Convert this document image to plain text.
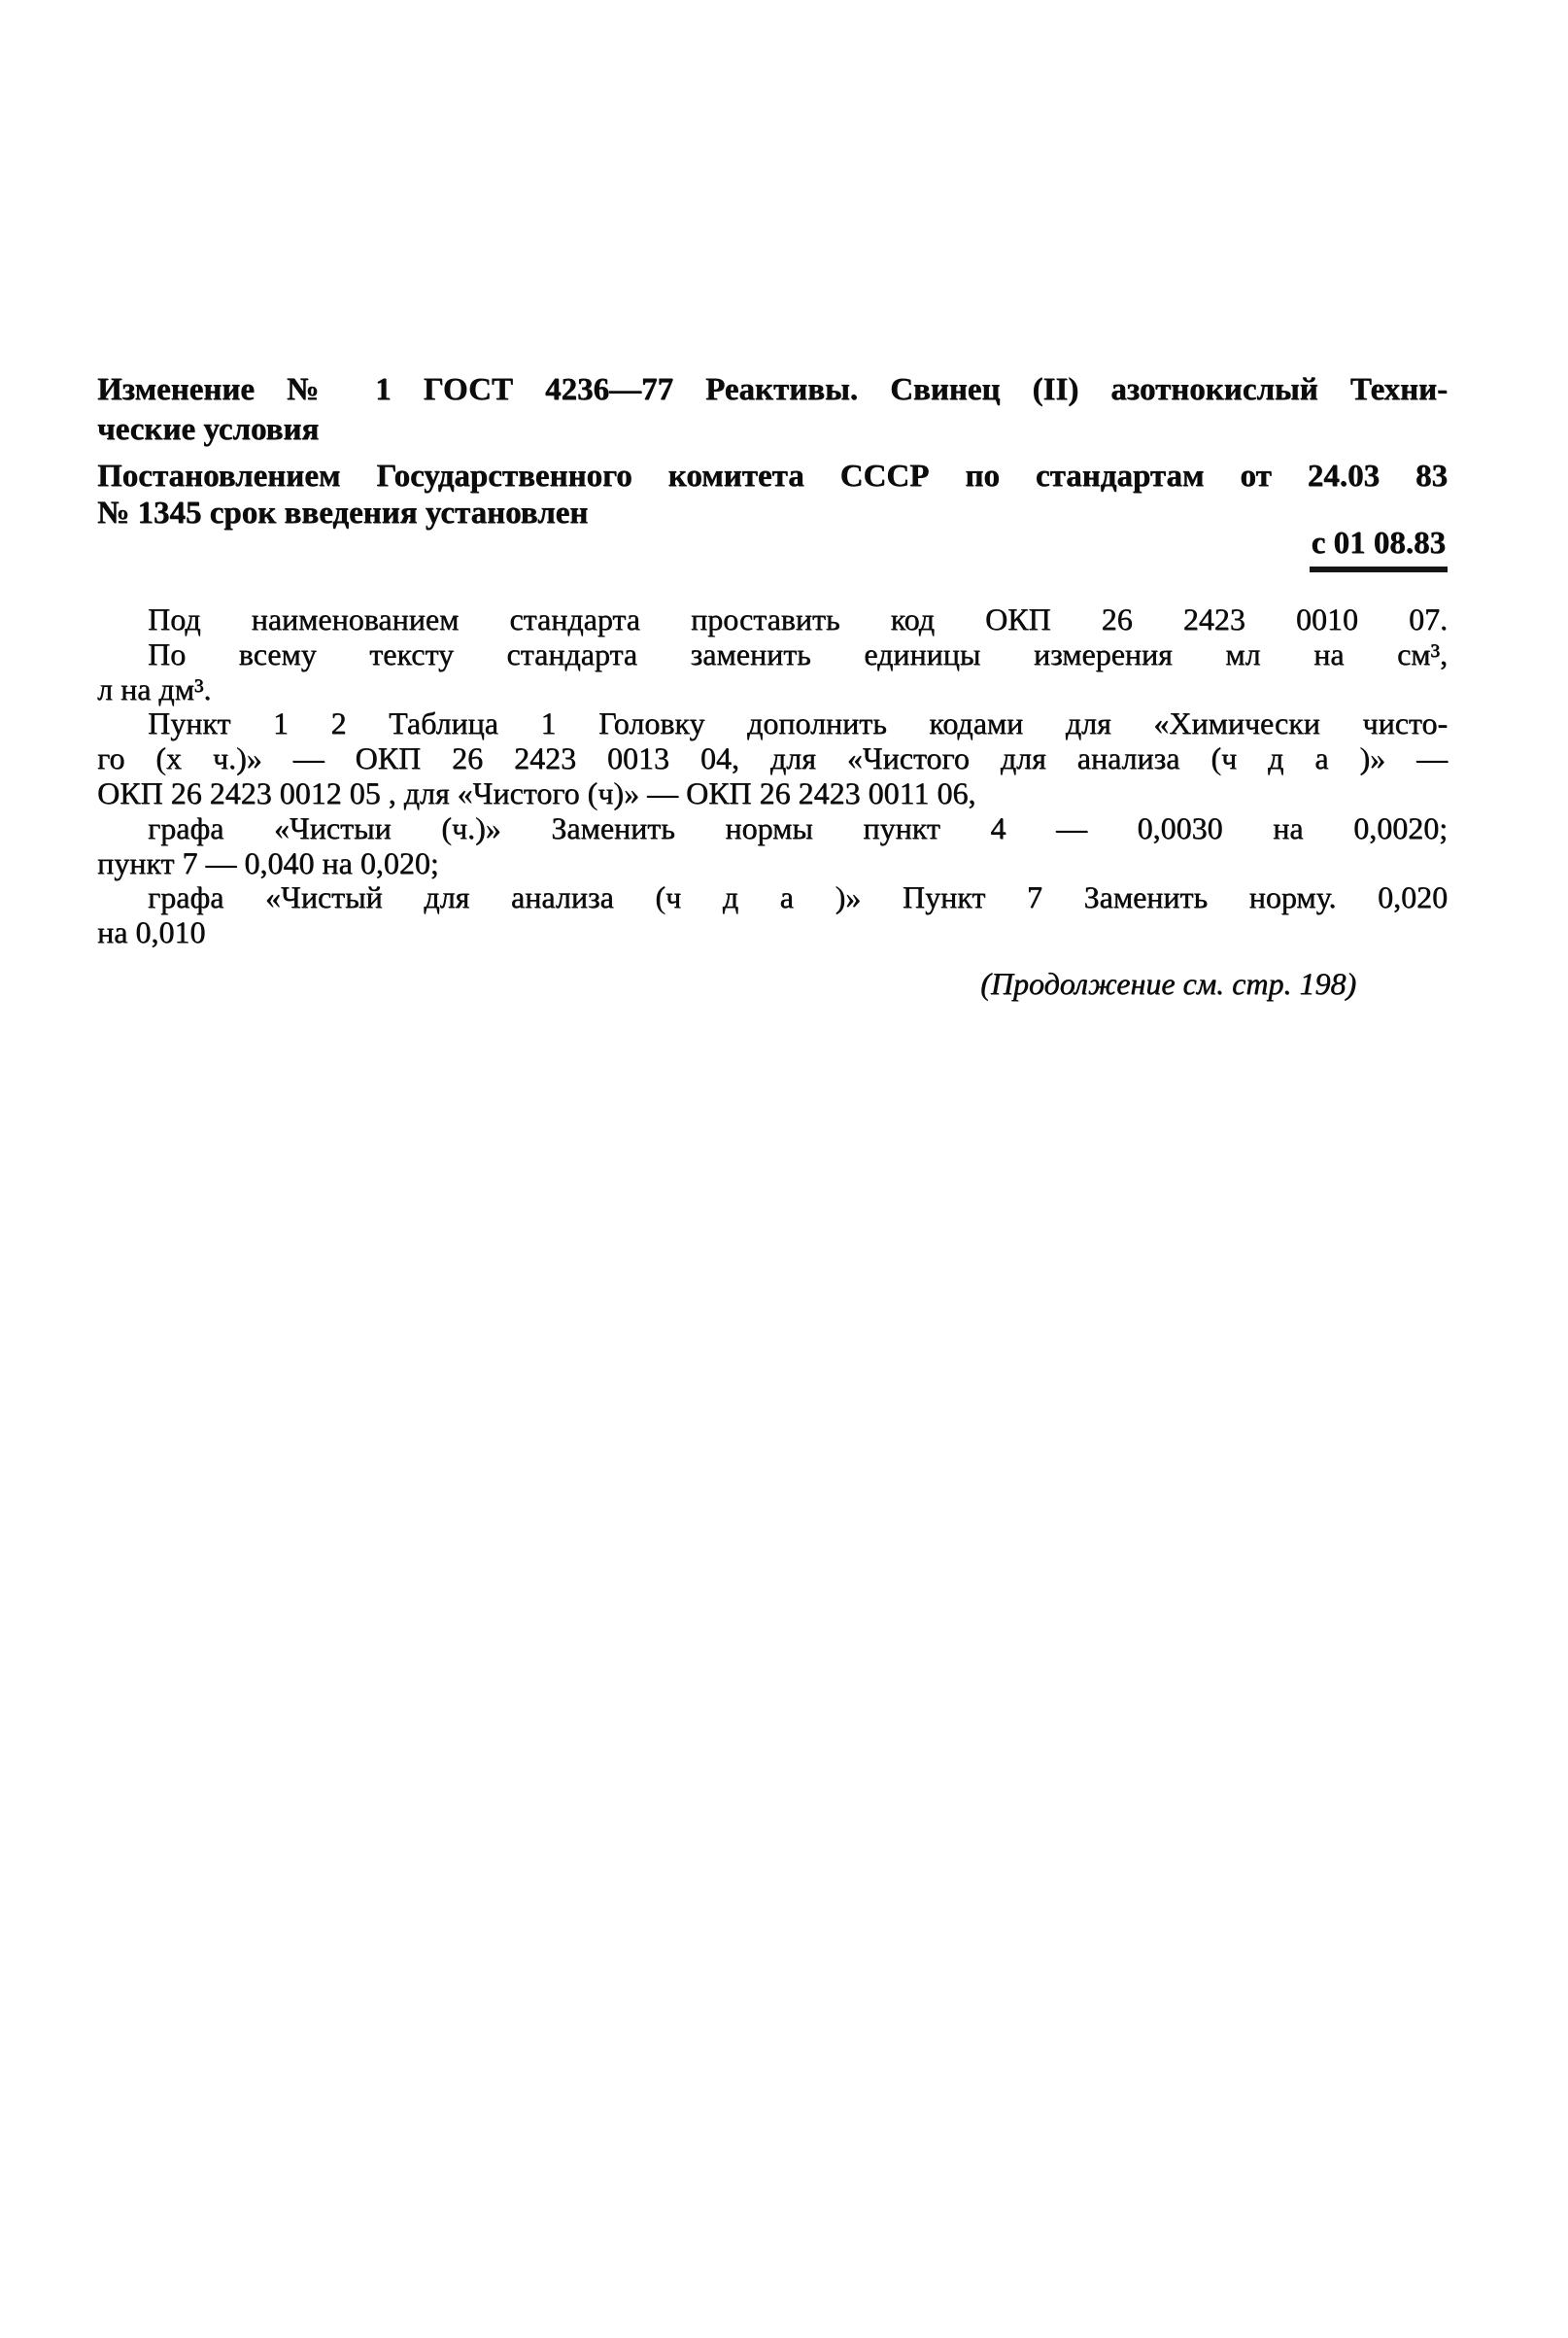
Изменение № 1 ГОСТ 4236—77 Реактивы. Свинец (II) азотнокислый Техни-
ческие условия
Постановлением Государственного комитета СССР по стандартам от 24.03 83
№ 1345 срок введения установлен
с 01 08.83
Под наименованием стандарта проставить код ОКП 26 2423 0010 07.
По всему тексту стандарта заменить единицы измерения мл на см³,
л на дм³.
Пункт 1 2 Таблица 1 Головку дополнить кодами для «Химически чисто-
го (х ч.)» — ОКП 26 2423 0013 04, для «Чистого для анализа (ч д а )» —
ОКП 26 2423 0012 05 , для «Чистого (ч)» — ОКП 26 2423 0011 06,
графа «Чистыи (ч.)» Заменить нормы пункт 4 — 0,0030 на 0,0020;
пункт 7 — 0,040 на 0,020;
графа «Чистый для анализа (ч д а )» Пункт 7 Заменить норму. 0,020
на 0,010
(Продолжение см. стр. 198)
